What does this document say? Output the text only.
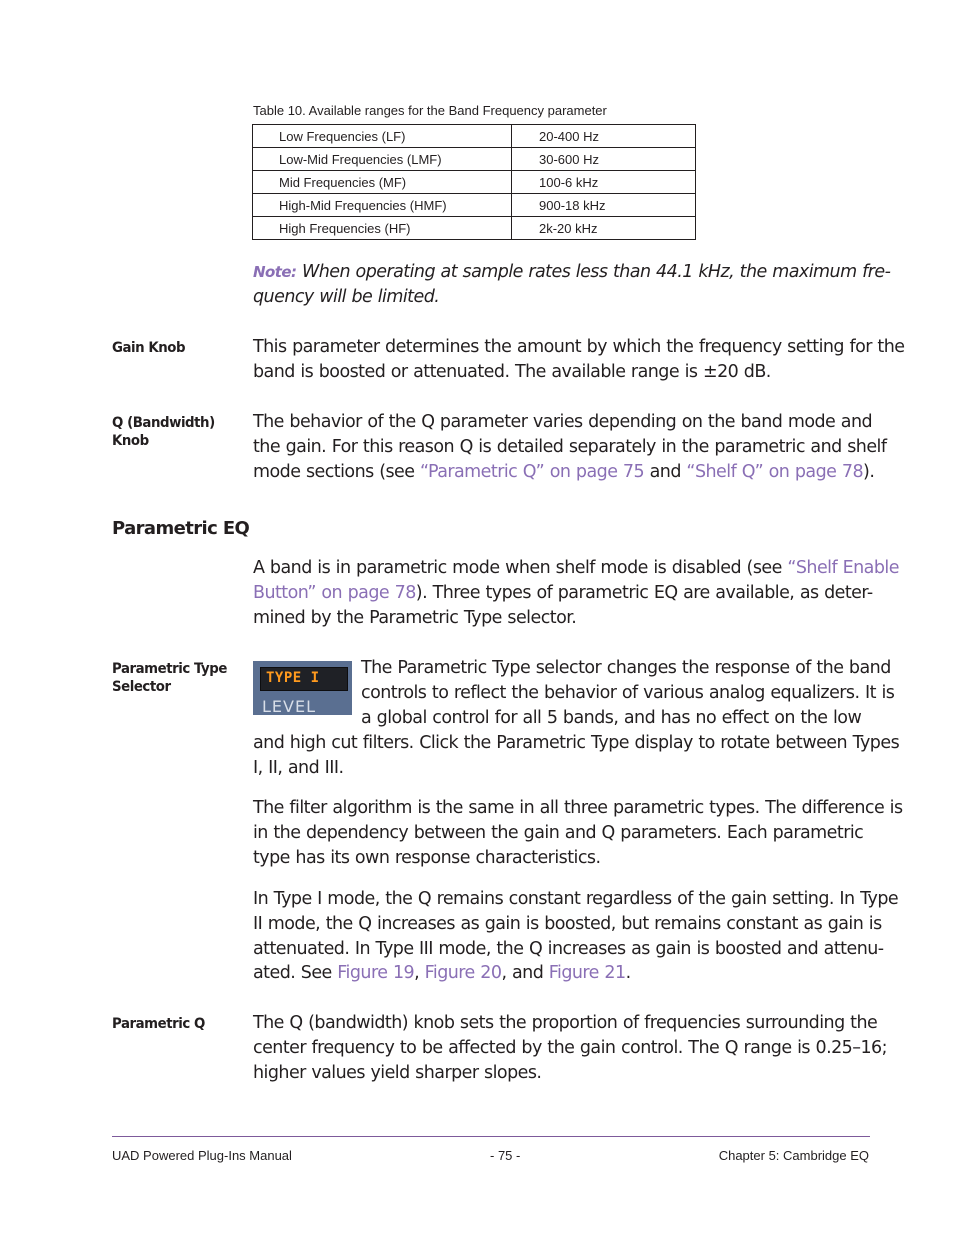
Table 10. Available ranges for the Band Frequency parameter
Low Frequencies (LF)	20-400 Hz
Low-Mid Frequencies (LMF)	30-600 Hz
Mid Frequencies (MF)	100-6 kHz
High-Mid Frequencies (HMF)	900-18 kHz
High Frequencies (HF)	2k-20 kHz
Note: When operating at sample rates less than 44.1 kHz, the maximum fre-
quency will be limited.
Gain Knob	This parameter determines the amount by which the frequency setting for the
band is boosted or attenuated. The available range is ±20 dB.
Q (Bandwidth) Knob
The behavior of the Q parameter varies depending on the band mode and
the gain. For this reason Q is detailed separately in the parametric and shelf
mode sections (see “Parametric Q” on page 75 and “Shelf Q” on page 78).
Parametric EQ
A band is in parametric mode when shelf mode is disabled (see “Shelf Enable
Button” on page 78). Three types of parametric EQ are available, as deter-
mined by the Parametric Type selector.
Parametric Type Selector
TYPE I
LEVEL
The Parametric Type selector changes the response of the band
controls to reflect the behavior of various analog equalizers. It is
a global control for all 5 bands, and has no effect on the low
and high cut filters. Click the Parametric Type display to rotate between Types
I, II, and III.
The filter algorithm is the same in all three parametric types. The difference is
in the dependency between the gain and Q parameters. Each parametric
type has its own response characteristics.
In Type I mode, the Q remains constant regardless of the gain setting. In Type
II mode, the Q increases as gain is boosted, but remains constant as gain is
attenuated. In Type III mode, the Q increases as gain is boosted and attenu-
ated. See Figure 19, Figure 20, and Figure 21.
Parametric Q	The Q (bandwidth) knob sets the proportion of frequencies surrounding the
center frequency to be affected by the gain control. The Q range is 0.25–16;
higher values yield sharper slopes.
UAD Powered Plug-Ins Manual	- 75 -	Chapter 5: Cambridge EQ
